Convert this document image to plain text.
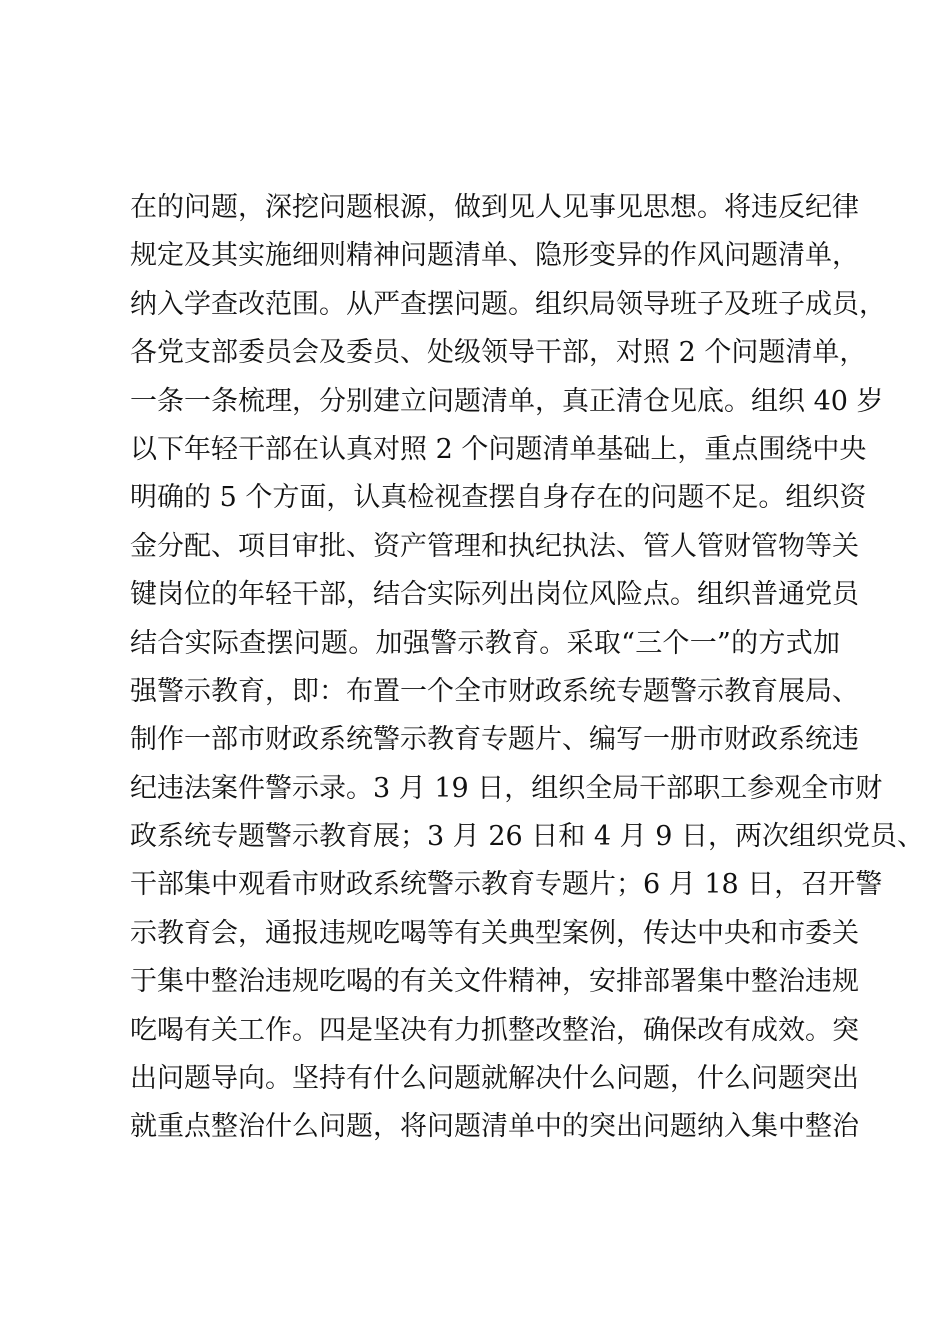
在的问题，深挖问题根源，做到见人见事见思想。将违反纪律
规定及其实施细则精神问题清单、隐形变异的作风问题清单，
纳入学查改范围。从严查摆问题。组织局领导班子及班子成员，
各党支部委员会及委员、处级领导干部，对照 2 个问题清单，
一条一条梳理，分别建立问题清单，真正清仓见底。组织 40 岁
以下年轻干部在认真对照 2 个问题清单基础上，重点围绕中央
明确的 5 个方面，认真检视查摆自身存在的问题不足。组织资
金分配、项目审批、资产管理和执纪执法、管人管财管物等关
键岗位的年轻干部，结合实际列出岗位风险点。组织普通党员
结合实际查摆问题。加强警示教育。采取“三个一”的方式加
强警示教育，即：布置一个全市财政系统专题警示教育展局、
制作一部市财政系统警示教育专题片、编写一册市财政系统违
纪违法案件警示录。3 月 19 日，组织全局干部职工参观全市财
政系统专题警示教育展；3 月 26 日和 4 月 9 日，两次组织党员、
干部集中观看市财政系统警示教育专题片；6 月 18 日，召开警
示教育会，通报违规吃喝等有关典型案例，传达中央和市委关
于集中整治违规吃喝的有关文件精神，安排部署集中整治违规
吃喝有关工作。四是坚决有力抓整改整治，确保改有成效。突
出问题导向。坚持有什么问题就解决什么问题，什么问题突出
就重点整治什么问题，将问题清单中的突出问题纳入集中整治
